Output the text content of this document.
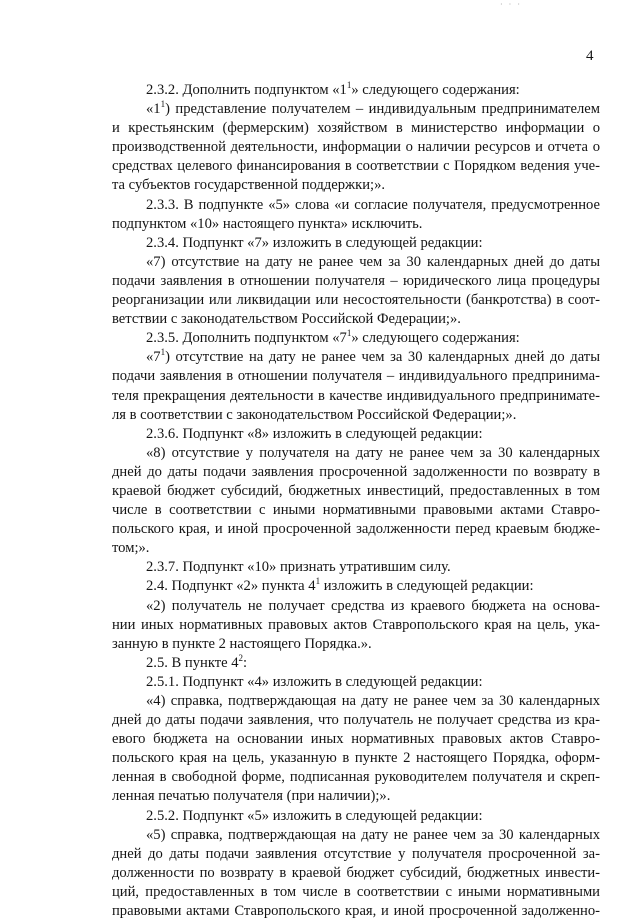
· · ·
4
2.3.2. Дополнить подпунктом «$1^1$» следующего содержания:
«$1^1$) представление получателем – индивидуальным предпринимателем
и крестьянским (фермерским) хозяйством в министерство информации о
производственной деятельности, информации о наличии ресурсов и отчета о
средствах целевого финансирования в соответствии с Порядком ведения уче-
та субъектов государственной поддержки;».
2.3.3. В подпункте «5» слова «и согласие получателя, предусмотренное
подпунктом «10» настоящего пункта» исключить.
2.3.4. Подпункт «7» изложить в следующей редакции:
«7) отсутствие на дату не ранее чем за 30 календарных дней до даты
подачи заявления в отношении получателя – юридического лица процедуры
реорганизации или ликвидации или несостоятельности (банкротства) в соот-
ветствии с законодательством Российской Федерации;».
2.3.5. Дополнить подпунктом «$7^1$» следующего содержания:
«$7^1$) отсутствие на дату не ранее чем за 30 календарных дней до даты
подачи заявления в отношении получателя – индивидуального предпринима-
теля прекращения деятельности в качестве индивидуального предпринимате-
ля в соответствии с законодательством Российской Федерации;».
2.3.6. Подпункт «8» изложить в следующей редакции:
«8) отсутствие у получателя на дату не ранее чем за 30 календарных
дней до даты подачи заявления просроченной задолженности по возврату в
краевой бюджет субсидий, бюджетных инвестиций, предоставленных в том
числе в соответствии с иными нормативными правовыми актами Ставро-
польского края, и иной просроченной задолженности перед краевым бюдже-
том;».
2.3.7. Подпункт «10» признать утратившим силу.
2.4. Подпункт «2» пункта $4^1$ изложить в следующей редакции:
«2) получатель не получает средства из краевого бюджета на основа-
нии иных нормативных правовых актов Ставропольского края на цель, ука-
занную в пункте 2 настоящего Порядка.».
2.5. В пункте $4^2$:
2.5.1. Подпункт «4» изложить в следующей редакции:
«4) справка, подтверждающая на дату не ранее чем за 30 календарных
дней до даты подачи заявления, что получатель не получает средства из кра-
евого бюджета на основании иных нормативных правовых актов Ставро-
польского края на цель, указанную в пункте 2 настоящего Порядка, оформ-
ленная в свободной форме, подписанная руководителем получателя и скреп-
ленная печатью получателя (при наличии);».
2.5.2. Подпункт «5» изложить в следующей редакции:
«5) справка, подтверждающая на дату не ранее чем за 30 календарных
дней до даты подачи заявления отсутствие у получателя просроченной за-
долженности по возврату в краевой бюджет субсидий, бюджетных инвести-
ций, предоставленных в том числе в соответствии с иными нормативными
правовыми актами Ставропольского края, и иной просроченной задолженно-
